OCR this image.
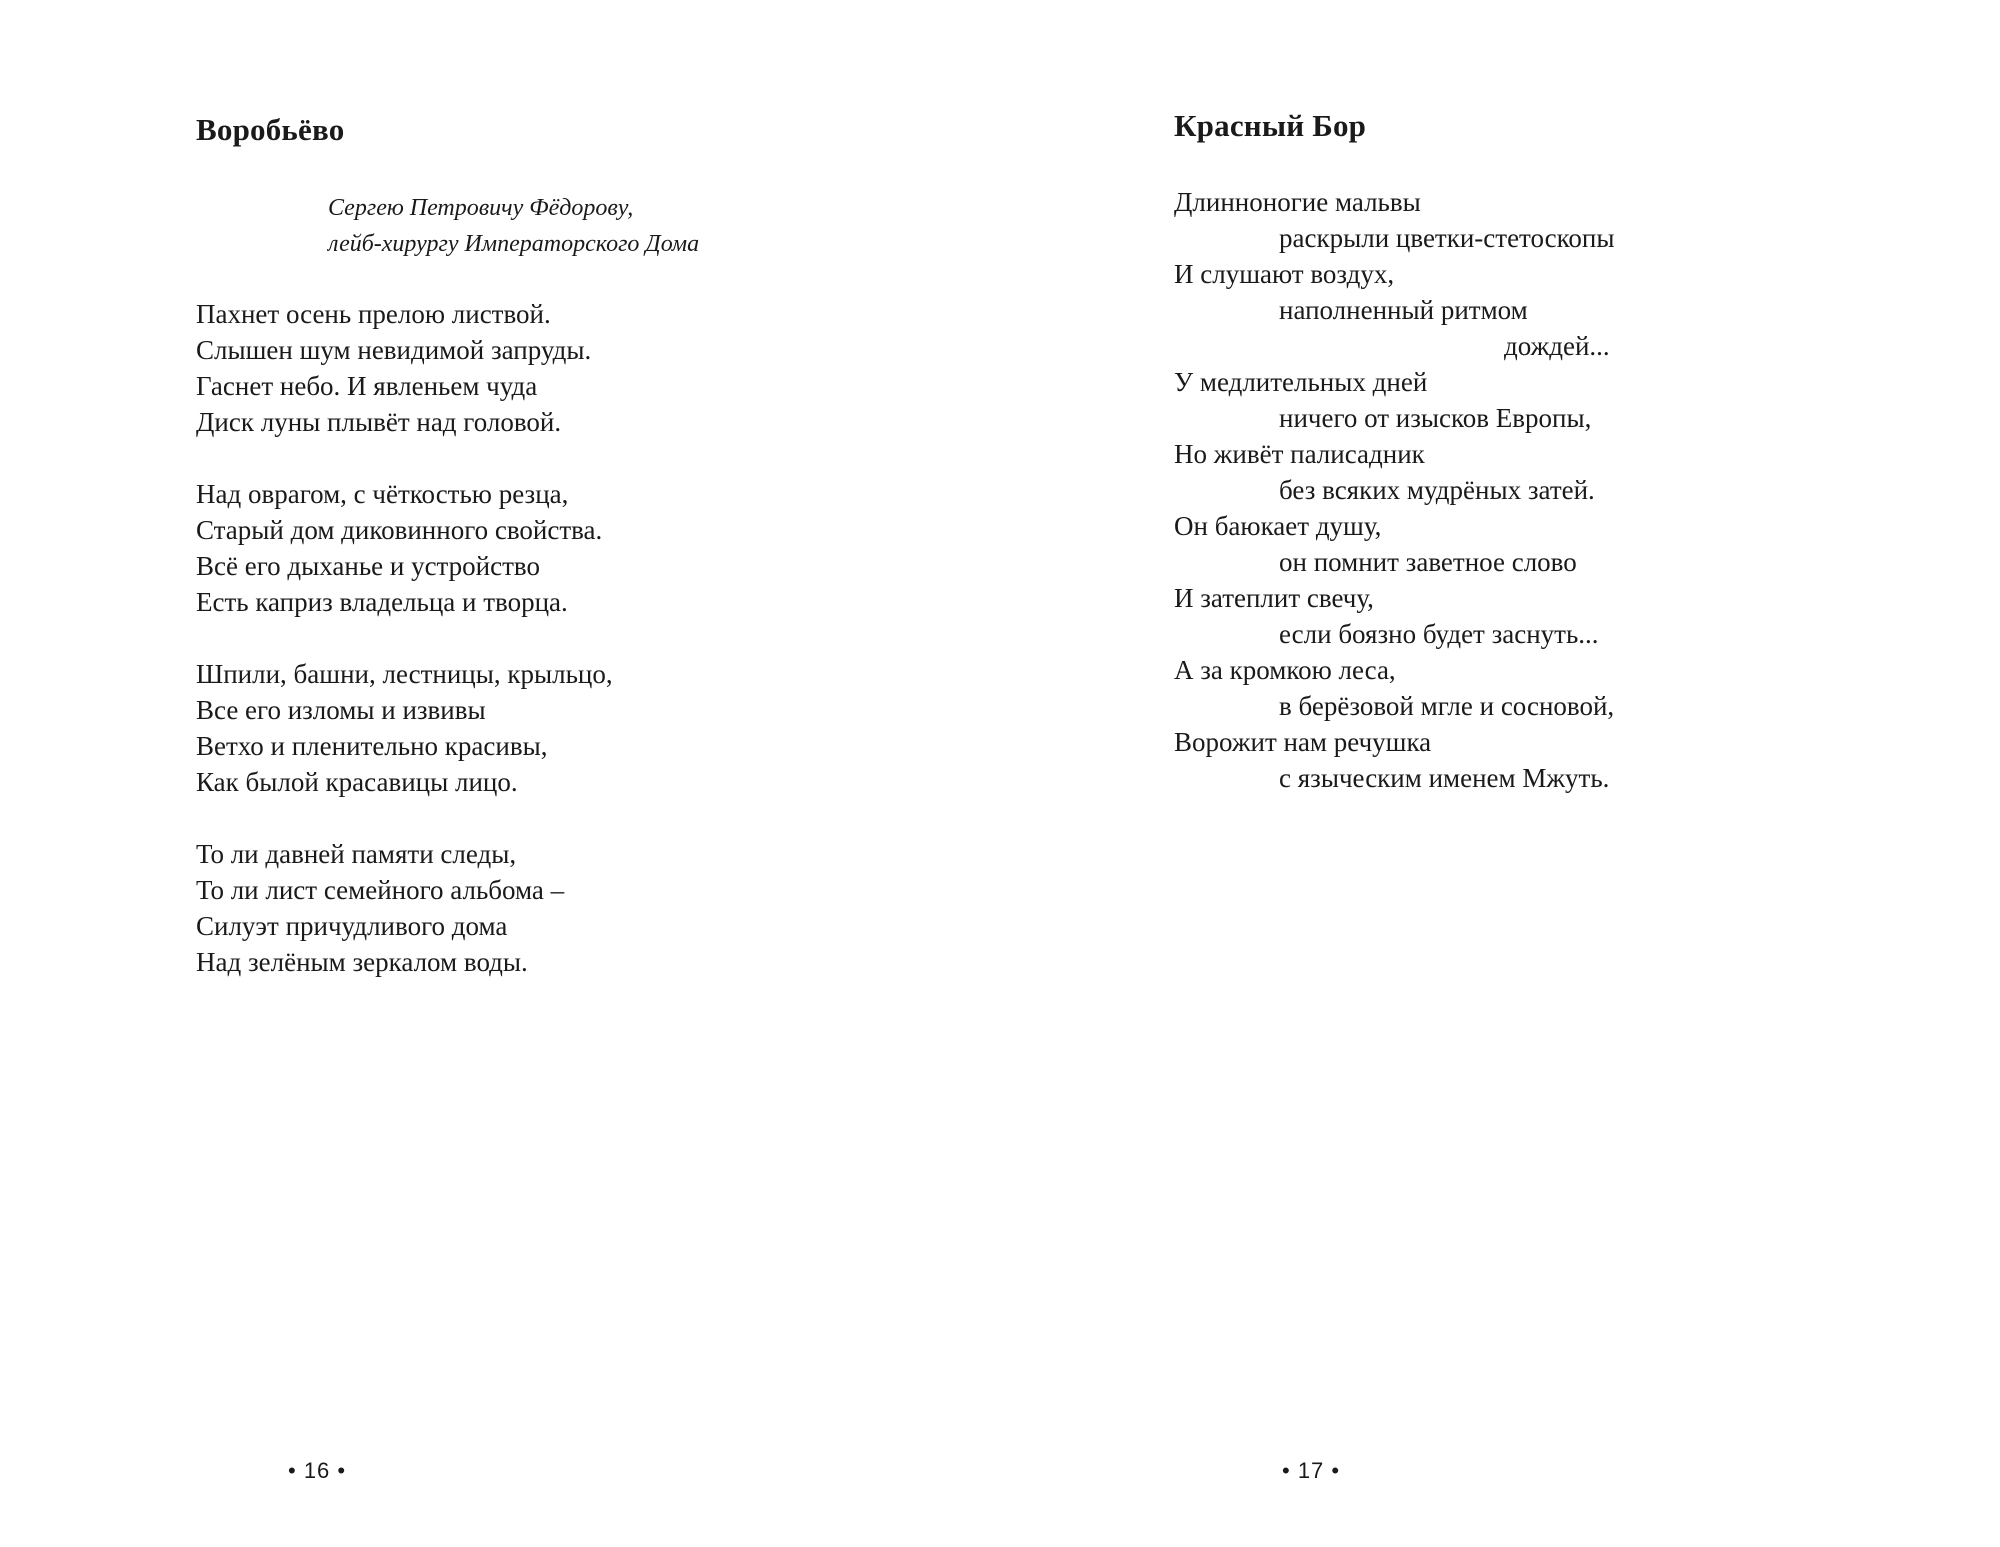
Воробьёво
Сергею Петровичу Фёдорову,
лейб-хирургу Императорского Дома
Пахнет осень прелою листвой.
Слышен шум невидимой запруды.
Гаснет небо. И явленьем чуда
Диск луны плывёт над головой.
Над оврагом, с чёткостью резца,
Старый дом диковинного свойства.
Всё его дыханье и устройство
Есть каприз владельца и творца.
Шпили, башни, лестницы, крыльцо,
Все его изломы и извивы
Ветхо и пленительно красивы,
Как былой красавицы лицо.
То ли давней памяти следы,
То ли лист семейного альбома –
Силуэт причудливого дома
Над зелёным зеркалом воды.
• 16 •
Красный Бор
Длинноногие мальвы
раскрыли цветки-стетоскопы
И слушают воздух,
наполненный ритмом
дождей...
У медлительных дней
ничего от изысков Европы,
Но живёт палисадник
без всяких мудрёных затей.
Он баюкает душу,
он помнит заветное слово
И затеплит свечу,
если боязно будет заснуть...
А за кромкою леса,
в берёзовой мгле и сосновой,
Ворожит нам речушка
с языческим именем Мжуть.
• 17 •
